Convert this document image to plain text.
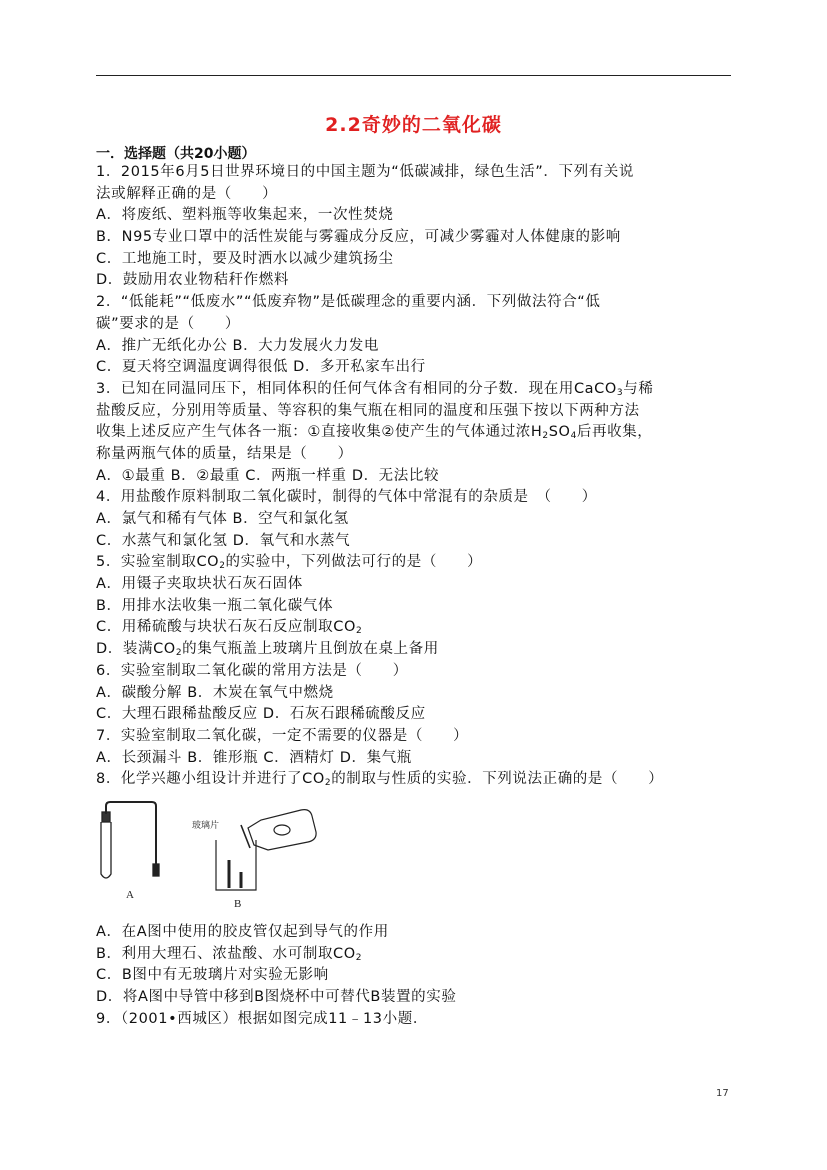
2.2奇妙的二氧化碳
一．选择题（共20小题）
1．2015年6月5日世界环境日的中国主题为“低碳减排，绿色生活”．下列有关说
法或解释正确的是（　　）
A．将废纸、塑料瓶等收集起来，一次性焚烧
B．N95专业口罩中的活性炭能与雾霾成分反应，可减少雾霾对人体健康的影响
C．工地施工时，要及时洒水以减少建筑扬尘
D．鼓励用农业物秸秆作燃料
2．“低能耗”“低废水”“低废弃物”是低碳理念的重要内涵．下列做法符合“低
碳”要求的是（　　）
A．推广无纸化办公 B．大力发展火力发电
C．夏天将空调温度调得很低 D．多开私家车出行
3．已知在同温同压下，相同体积的任何气体含有相同的分子数．现在用CaCO$_3$与稀
盐酸反应，分别用等质量、等容积的集气瓶在相同的温度和压强下按以下两种方法
收集上述反应产生气体各一瓶：①直接收集②使产生的气体通过浓$H_2SO_4$后再收集，
称量两瓶气体的质量，结果是（　　）
A．①最重 B．②最重 C．两瓶一样重 D．无法比较
4．用盐酸作原料制取二氧化碳时，制得的气体中常混有的杂质是　（　　）
A．氯气和稀有气体 B．空气和氯化氢
C．水蒸气和氯化氢 D．氧气和水蒸气
5．实验室制取$CO_2$的实验中，下列做法可行的是（　　）
A．用镊子夹取块状石灰石固体
B．用排水法收集一瓶二氧化碳气体
C．用稀硫酸与块状石灰石反应制取$CO_2$
D．装满$CO_2$的集气瓶盖上玻璃片且倒放在桌上备用
6．实验室制取二氧化碳的常用方法是（　　）
A．碳酸分解 B．木炭在氧气中燃烧
C．大理石跟稀盐酸反应 D．石灰石跟稀硫酸反应
7．实验室制取二氧化碳，一定不需要的仪器是（　　）
A．长颈漏斗 B．锥形瓶 C．酒精灯 D．集气瓶
8．化学兴趣小组设计并进行了$CO_2$的制取与性质的实验．下列说法正确的是（　　）
A
玻璃片
B
A．在A图中使用的胶皮管仅起到导气的作用
B．利用大理石、浓盐酸、水可制取$CO_2$
C．B图中有无玻璃片对实验无影响
D．将A图中导管中移到B图烧杯中可替代B装置的实验
9．（2001•西城区）根据如图完成11﹣13小题．
17
